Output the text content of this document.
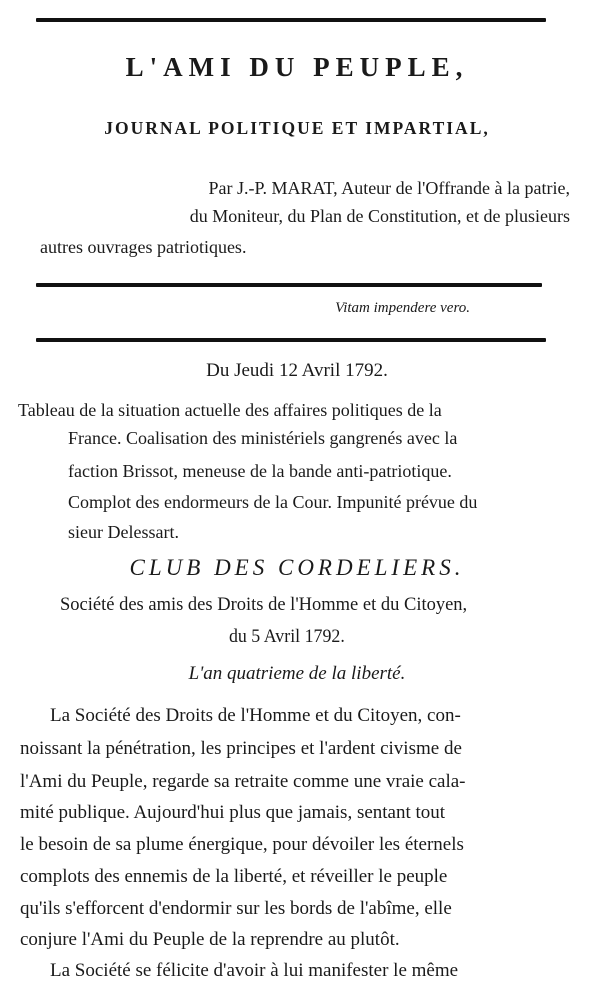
L'AMI DU PEUPLE,
JOURNAL POLITIQUE ET IMPARTIAL,
Par J.-P. MARAT, Auteur de l'Offrande à la patrie,
du Moniteur, du Plan de Constitution, et de plusieurs
autres ouvrages patriotiques.
Vitam impendere vero.
Du Jeudi 12 Avril 1792.
Tableau de la situation actuelle des affaires politiques de la
France. Coalisation des ministériels gangrenés avec la
faction Brissot, meneuse de la bande anti-patriotique.
Complot des endormeurs de la Cour. Impunité prévue du
sieur Delessart.
CLUB DES CORDELIERS.
Société des amis des Droits de l'Homme et du Citoyen,
du 5 Avril 1792.
L'an quatrieme de la liberté.
La Société des Droits de l'Homme et du Citoyen, con-
noissant la pénétration, les principes et l'ardent civisme de
l'Ami du Peuple, regarde sa retraite comme une vraie cala-
mité publique. Aujourd'hui plus que jamais, sentant tout
le besoin de sa plume énergique, pour dévoiler les éternels
complots des ennemis de la liberté, et réveiller le peuple
qu'ils s'efforcent d'endormir sur les bords de l'abîme, elle
conjure l'Ami du Peuple de la reprendre au plutôt.
La Société se félicite d'avoir à lui manifester le même
